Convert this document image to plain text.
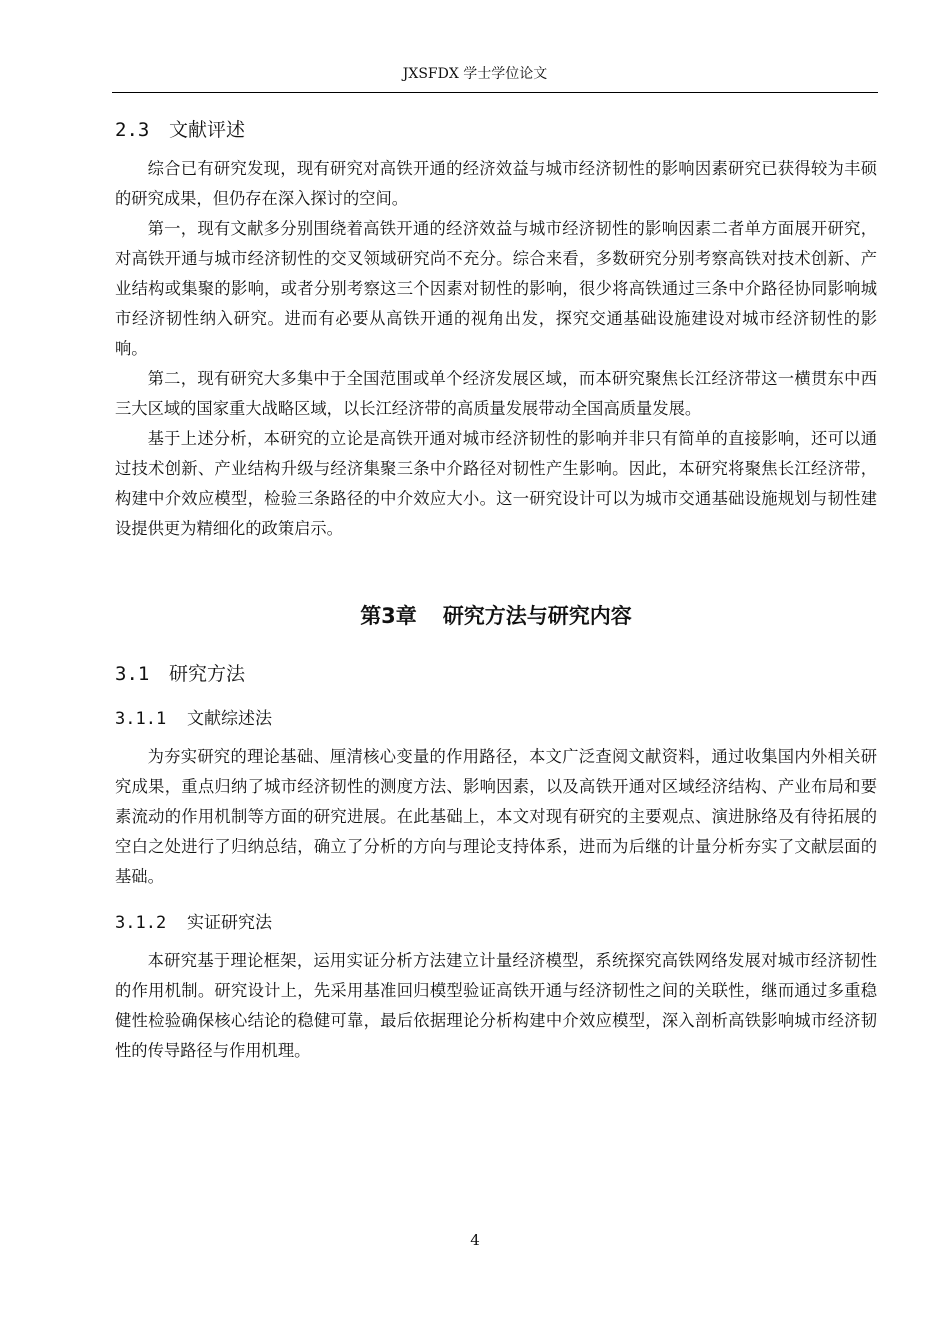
JXSFDX 学士学位论文
2.3 文献评述

综合已有研究发现，现有研究对高铁开通的经济效益与城市经济韧性的影响因素研究已获得较为丰硕的研究成果，但仍存在深入探讨的空间。

第一，现有文献多分别围绕着高铁开通的经济效益与城市经济韧性的影响因素二者单方面展开研究，对高铁开通与城市经济韧性的交叉领域研究尚不充分。综合来看，多数研究分别考察高铁对技术创新、产业结构或集聚的影响，或者分别考察这三个因素对韧性的影响，很少将高铁通过三条中介路径协同影响城市经济韧性纳入研究。进而有必要从高铁开通的视角出发，探究交通基础设施建设对城市经济韧性的影响。

第二，现有研究大多集中于全国范围或单个经济发展区域，而本研究聚焦长江经济带这一横贯东中西三大区域的国家重大战略区域，以长江经济带的高质量发展带动全国高质量发展。

基于上述分析，本研究的立论是高铁开通对城市经济韧性的影响并非只有简单的直接影响，还可以通过技术创新、产业结构升级与经济集聚三条中介路径对韧性产生影响。因此，本研究将聚焦长江经济带，构建中介效应模型，检验三条路径的中介效应大小。这一研究设计可以为城市交通基础设施规划与韧性建设提供更为精细化的政策启示。

第3章 研究方法与研究内容
3.1 研究方法
3.1.1 文献综述法

为夯实研究的理论基础、厘清核心变量的作用路径，本文广泛查阅文献资料，通过收集国内外相关研究成果，重点归纳了城市经济韧性的测度方法、影响因素，以及高铁开通对区域经济结构、产业布局和要素流动的作用机制等方面的研究进展。在此基础上，本文对现有研究的主要观点、演进脉络及有待拓展的空白之处进行了归纳总结，确立了分析的方向与理论支持体系，进而为后继的计量分析夯实了文献层面的基础。

3.1.2 实证研究法

本研究基于理论框架，运用实证分析方法建立计量经济模型，系统探究高铁网络发展对城市经济韧性的作用机制。研究设计上，先采用基准回归模型验证高铁开通与经济韧性之间的关联性，继而通过多重稳健性检验确保核心结论的稳健可靠，最后依据理论分析构建中介效应模型，深入剖析高铁影响城市经济韧性的传导路径与作用机理。

4
